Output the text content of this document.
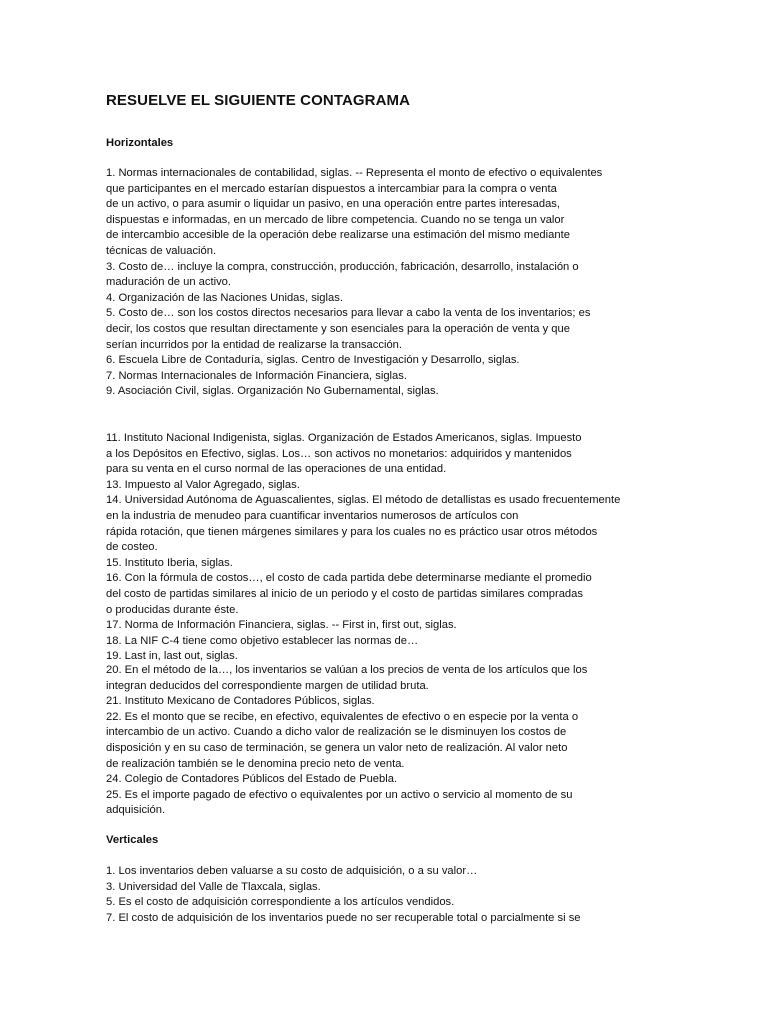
RESUELVE EL SIGUIENTE CONTAGRAMA
Horizontales
1. Normas internacionales de contabilidad, siglas. -- Representa el monto de efectivo o equivalentes
que participantes en el mercado estarían dispuestos a intercambiar para la compra o venta
de un activo, o para asumir o liquidar un pasivo, en una operación entre partes interesadas,
dispuestas e informadas, en un mercado de libre competencia. Cuando no se tenga un valor
de intercambio accesible de la operación debe realizarse una estimación del mismo mediante
técnicas de valuación.
3. Costo de… incluye la compra, construcción, producción, fabricación, desarrollo, instalación o
maduración de un activo.
4. Organización de las Naciones Unidas, siglas.
5. Costo de… son los costos directos necesarios para llevar a cabo la venta de los inventarios; es
decir, los costos que resultan directamente y son esenciales para la operación de venta y que
serían incurridos por la entidad de realizarse la transacción.
6. Escuela Libre de Contaduría, siglas. Centro de Investigación y Desarrollo, siglas.
7. Normas Internacionales de Información Financiera, siglas.
9. Asociación Civil, siglas. Organización No Gubernamental, siglas.
11. Instituto Nacional Indigenista, siglas. Organización de Estados Americanos, siglas. Impuesto
a los Depósitos en Efectivo, siglas. Los… son activos no monetarios: adquiridos y mantenidos
para su venta en el curso normal de las operaciones de una entidad.
13. Impuesto al Valor Agregado, siglas.
14. Universidad Autónoma de Aguascalientes, siglas. El método de detallistas es usado frecuentemente
en la industria de menudeo para cuantificar inventarios numerosos de artículos con
rápida rotación, que tienen márgenes similares y para los cuales no es práctico usar otros métodos
de costeo.
15. Instituto Iberia, siglas.
16. Con la fórmula de costos…, el costo de cada partida debe determinarse mediante el promedio
del costo de partidas similares al inicio de un periodo y el costo de partidas similares compradas
o producidas durante éste.
17. Norma de Información Financiera, siglas. -- First in, first out, siglas.
18. La NIF C-4 tiene como objetivo establecer las normas de…
19. Last in, last out, siglas.
20. En el método de la…, los inventarios se valúan a los precios de venta de los artículos que los
integran deducidos del correspondiente margen de utilidad bruta.
21. Instituto Mexicano de Contadores Públicos, siglas.
22. Es el monto que se recibe, en efectivo, equivalentes de efectivo o en especie por la venta o
intercambio de un activo. Cuando a dicho valor de realización se le disminuyen los costos de
disposición y en su caso de terminación, se genera un valor neto de realización. Al valor neto
de realización también se le denomina precio neto de venta.
24. Colegio de Contadores Públicos del Estado de Puebla.
25. Es el importe pagado de efectivo o equivalentes por un activo o servicio al momento de su
adquisición.
Verticales
1. Los inventarios deben valuarse a su costo de adquisición, o a su valor…
3. Universidad del Valle de Tlaxcala, siglas.
5. Es el costo de adquisición correspondiente a los artículos vendidos.
7. El costo de adquisición de los inventarios puede no ser recuperable total o parcialmente si se
